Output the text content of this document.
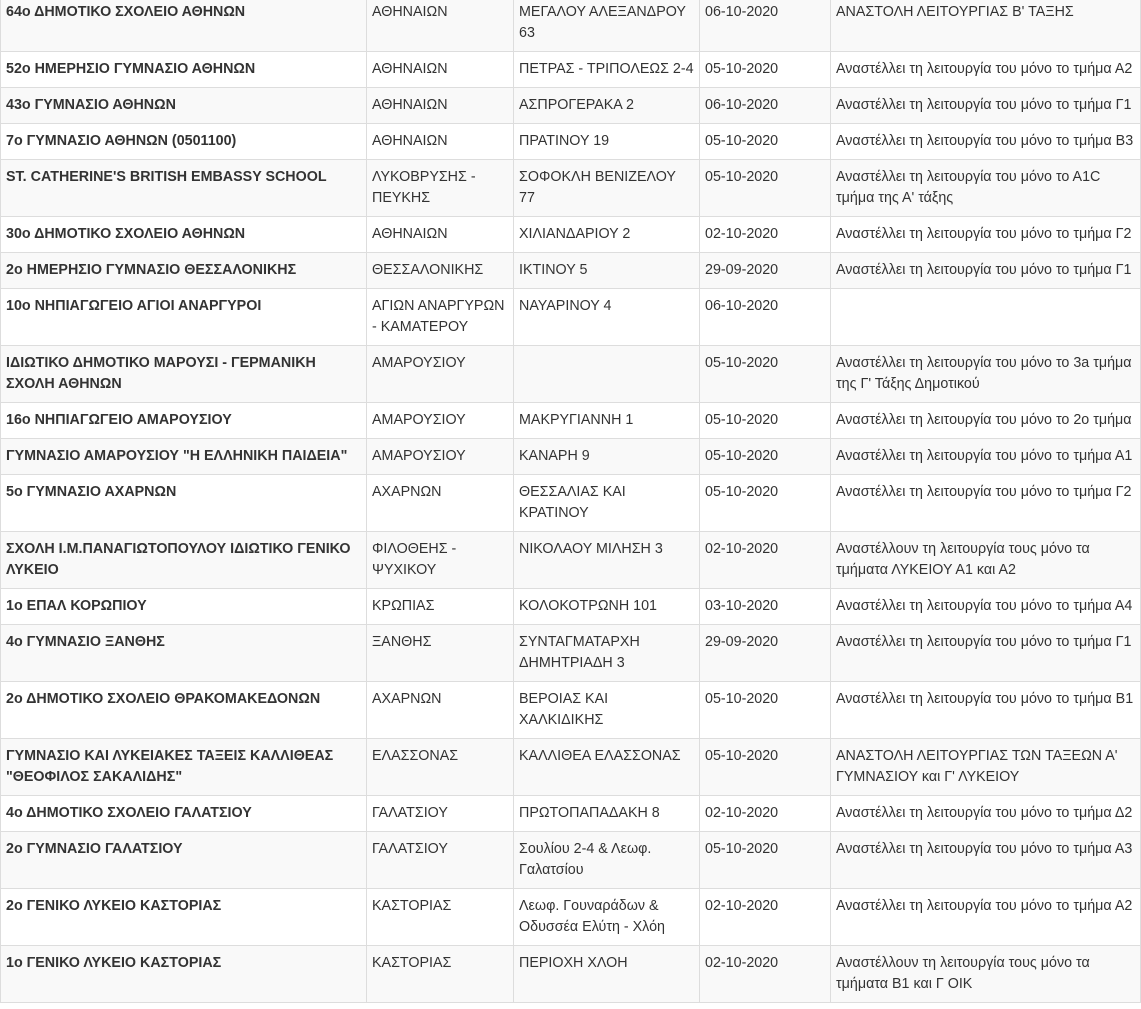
64ο ΔΗΜΟΤΙΚΟ ΣΧΟΛΕΙΟ ΑΘΗΝΩΝ	ΑΘΗΝΑΙΩΝ	ΜΕΓΑΛΟΥ ΑΛΕΞΑΝΔΡΟΥ 63	06-10-2020	ΑΝΑΣΤΟΛΗ ΛΕΙΤΟΥΡΓΙΑΣ Β' ΤΑΞΗΣ
52ο ΗΜΕΡΗΣΙΟ ΓΥΜΝΑΣΙΟ ΑΘΗΝΩΝ	ΑΘΗΝΑΙΩΝ	ΠΕΤΡΑΣ - ΤΡΙΠΟΛΕΩΣ 2-4	05-10-2020	Αναστέλλει τη λειτουργία του μόνο το τμήμα Α2
43ο ΓΥΜΝΑΣΙΟ ΑΘΗΝΩΝ	ΑΘΗΝΑΙΩΝ	ΑΣΠΡΟΓΕΡΑΚΑ 2	06-10-2020	Αναστέλλει τη λειτουργία του μόνο το τμήμα Γ1
7ο ΓΥΜΝΑΣΙΟ ΑΘΗΝΩΝ (0501100)	ΑΘΗΝΑΙΩΝ	ΠΡΑΤΙΝΟΥ 19	05-10-2020	Αναστέλλει τη λειτουργία του μόνο το τμήμα Β3
ST. CATHERINE'S BRITISH EMBASSY SCHOOL	ΛΥΚΟΒΡΥΣΗΣ - ΠΕΥΚΗΣ	ΣΟΦΟΚΛΗ ΒΕΝΙΖΕΛΟΥ 77	05-10-2020	Αναστέλλει τη λειτουργία του μόνο το Α1C τμήμα της Α' τάξης
30ο ΔΗΜΟΤΙΚΟ ΣΧΟΛΕΙΟ ΑΘΗΝΩΝ	ΑΘΗΝΑΙΩΝ	ΧΙΛΙΑΝΔΑΡΙΟΥ 2	02-10-2020	Αναστέλλει τη λειτουργία του μόνο το τμήμα Γ2
2ο ΗΜΕΡΗΣΙΟ ΓΥΜΝΑΣΙΟ ΘΕΣΣΑΛΟΝΙΚΗΣ	ΘΕΣΣΑΛΟΝΙΚΗΣ	ΙΚΤΙΝΟΥ 5	29-09-2020	Αναστέλλει τη λειτουργία του μόνο το τμήμα Γ1
10ο ΝΗΠΙΑΓΩΓΕΙΟ ΑΓΙΟΙ ΑΝΑΡΓΥΡΟΙ	ΑΓΙΩΝ ΑΝΑΡΓΥΡΩΝ - ΚΑΜΑΤΕΡΟΥ	ΝΑΥΑΡΙΝΟΥ 4	06-10-2020	
ΙΔΙΩΤΙΚΟ ΔΗΜΟΤΙΚΟ ΜΑΡΟΥΣΙ - ΓΕΡΜΑΝΙΚΗ ΣΧΟΛΗ ΑΘΗΝΩΝ	ΑΜΑΡΟΥΣΙΟΥ		05-10-2020	Αναστέλλει τη λειτουργία του μόνο το 3a τμήμα της Γ' Τάξης Δημοτικού
16ο ΝΗΠΙΑΓΩΓΕΙΟ ΑΜΑΡΟΥΣΙΟΥ	ΑΜΑΡΟΥΣΙΟΥ	ΜΑΚΡΥΓΙΑΝΝΗ 1	05-10-2020	Αναστέλλει τη λειτουργία του μόνο το 2ο τμήμα
ΓΥΜΝΑΣΙΟ ΑΜΑΡΟΥΣΙΟΥ "Η ΕΛΛΗΝΙΚΗ ΠΑΙΔΕΙΑ"	ΑΜΑΡΟΥΣΙΟΥ	ΚΑΝΑΡΗ 9	05-10-2020	Αναστέλλει τη λειτουργία του μόνο το τμήμα Α1
5ο ΓΥΜΝΑΣΙΟ ΑΧΑΡΝΩΝ	ΑΧΑΡΝΩΝ	ΘΕΣΣΑΛΙΑΣ ΚΑΙ ΚΡΑΤΙΝΟΥ	05-10-2020	Αναστέλλει τη λειτουργία του μόνο το τμήμα Γ2
ΣΧΟΛΗ Ι.Μ.ΠΑΝΑΓΙΩΤΟΠΟΥΛΟΥ ΙΔΙΩΤΙΚΟ ΓΕΝΙΚΟ ΛΥΚΕΙΟ	ΦΙΛΟΘΕΗΣ - ΨΥΧΙΚΟΥ	ΝΙΚΟΛΑΟΥ ΜΙΛΗΣΗ 3	02-10-2020	Αναστέλλουν τη λειτουργία τους μόνο τα τμήματα ΛΥΚΕΙΟΥ Α1 και Α2
1ο ΕΠΑΛ ΚΟΡΩΠΙΟΥ	ΚΡΩΠΙΑΣ	ΚΟΛΟΚΟΤΡΩΝΗ 101	03-10-2020	Αναστέλλει τη λειτουργία του μόνο το τμήμα Α4
4ο ΓΥΜΝΑΣΙΟ ΞΑΝΘΗΣ	ΞΑΝΘΗΣ	ΣΥΝΤΑΓΜΑΤΑΡΧΗ ΔΗΜΗΤΡΙΑΔΗ 3	29-09-2020	Αναστέλλει τη λειτουργία του μόνο το τμήμα Γ1
2ο ΔΗΜΟΤΙΚΟ ΣΧΟΛΕΙΟ ΘΡΑΚΟΜΑΚΕΔΟΝΩΝ	ΑΧΑΡΝΩΝ	ΒΕΡΟΙΑΣ ΚΑΙ ΧΑΛΚΙΔΙΚΗΣ	05-10-2020	Αναστέλλει τη λειτουργία του μόνο το τμήμα Β1
ΓΥΜΝΑΣΙΟ ΚΑΙ ΛΥΚΕΙΑΚΕΣ ΤΑΞΕΙΣ ΚΑΛΛΙΘΕΑΣ "ΘΕΟΦΙΛΟΣ ΣΑΚΑΛΙΔΗΣ"	ΕΛΑΣΣΟΝΑΣ	ΚΑΛΛΙΘΕΑ ΕΛΑΣΣΟΝΑΣ	05-10-2020	ΑΝΑΣΤΟΛΗ ΛΕΙΤΟΥΡΓΙΑΣ ΤΩΝ ΤΑΞΕΩΝ Α' ΓΥΜΝΑΣΙΟΥ και Γ' ΛΥΚΕΙΟΥ
4ο ΔΗΜΟΤΙΚΟ ΣΧΟΛΕΙΟ ΓΑΛΑΤΣΙΟΥ	ΓΑΛΑΤΣΙΟΥ	ΠΡΩΤΟΠΑΠΑΔΑΚΗ 8	02-10-2020	Αναστέλλει τη λειτουργία του μόνο το τμήμα Δ2
2ο ΓΥΜΝΑΣΙΟ ΓΑΛΑΤΣΙΟΥ	ΓΑΛΑΤΣΙΟΥ	Σουλίου 2-4 & Λεωφ. Γαλατσίου	05-10-2020	Αναστέλλει τη λειτουργία του μόνο το τμήμα Α3
2ο ΓΕΝΙΚΟ ΛΥΚΕΙΟ ΚΑΣΤΟΡΙΑΣ	ΚΑΣΤΟΡΙΑΣ	Λεωφ. Γουναράδων & Οδυσσέα Ελύτη - Χλόη	02-10-2020	Αναστέλλει τη λειτουργία του μόνο το τμήμα Α2
1ο ΓΕΝΙΚΟ ΛΥΚΕΙΟ ΚΑΣΤΟΡΙΑΣ	ΚΑΣΤΟΡΙΑΣ	ΠΕΡΙΟΧΗ ΧΛΟΗ	02-10-2020	Αναστέλλουν τη λειτουργία τους μόνο τα τμήματα Β1 και Γ ΟΙΚ
